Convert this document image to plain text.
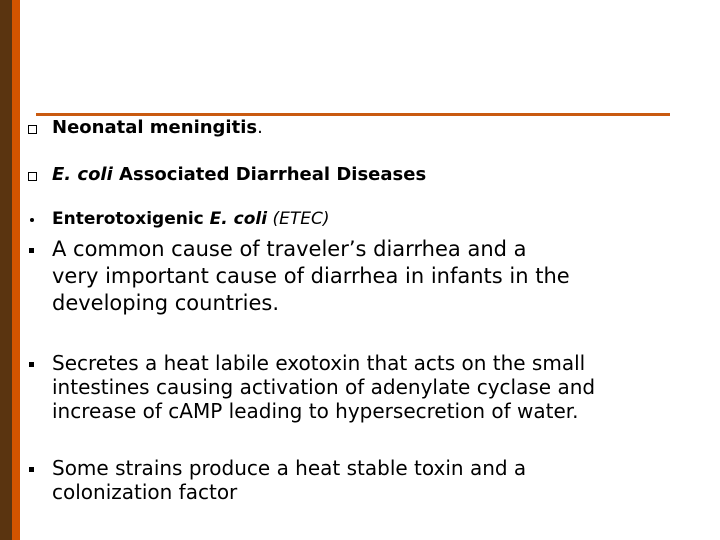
Neonatal meningitis.
E. coli Associated Diarrheal Diseases
Enterotoxigenic E. coli (ETEC)
A common cause of traveler’s diarrhea and a
very important cause of diarrhea in infants in the
developing countries.
Secretes a heat labile exotoxin that acts on the small
intestines causing activation of adenylate cyclase and
increase of cAMP leading to hypersecretion of water.
Some strains produce a heat stable toxin and a
colonization factor
